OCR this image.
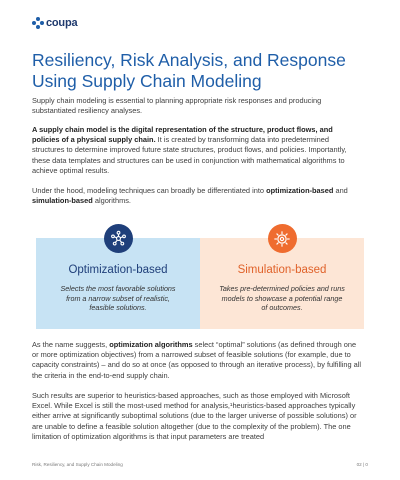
coupa
Resiliency, Risk Analysis, and Response Using Supply Chain Modeling

Supply chain modeling is essential to planning appropriate risk responses and producing substantiated resiliency analyses.

A supply chain model is the digital representation of the structure, product flows, and policies of a physical supply chain. It is created by transforming data into predetermined structures to determine improved future state structures, product flows, and policies. Importantly, these data templates and structures can be used in conjunction with mathematical algorithms to achieve optimal results.

Under the hood, modeling techniques can broadly be differentiated into optimization-based and simulation-based algorithms.

Optimization-based
Selects the most favorable solutions from a narrow subset of realistic, feasible solutions.
Simulation-based
Takes pre-determined policies and runs models to showcase a potential range of outcomes.

As the name suggests, optimization algorithms select “optimal” solutions (as defined through one or more optimization objectives) from a narrowed subset of feasible solutions (for example, due to capacity constraints) – and do so at once (as opposed to through an iterative process), by fulfilling all the criteria in the end-to-end supply chain.

Such results are superior to heuristics-based approaches, such as those employed with Microsoft Excel. While Excel is still the most-used method for analysis,¹heuristics-based approaches typically either arrive at significantly suboptimal solutions (due to the larger universe of possible solutions) or are unable to define a feasible solution altogether (due to the complexity of the problem). The one limitation of optimization algorithms is that input parameters are treated

Risk, Resiliency, and Supply Chain Modeling	02 | 0
